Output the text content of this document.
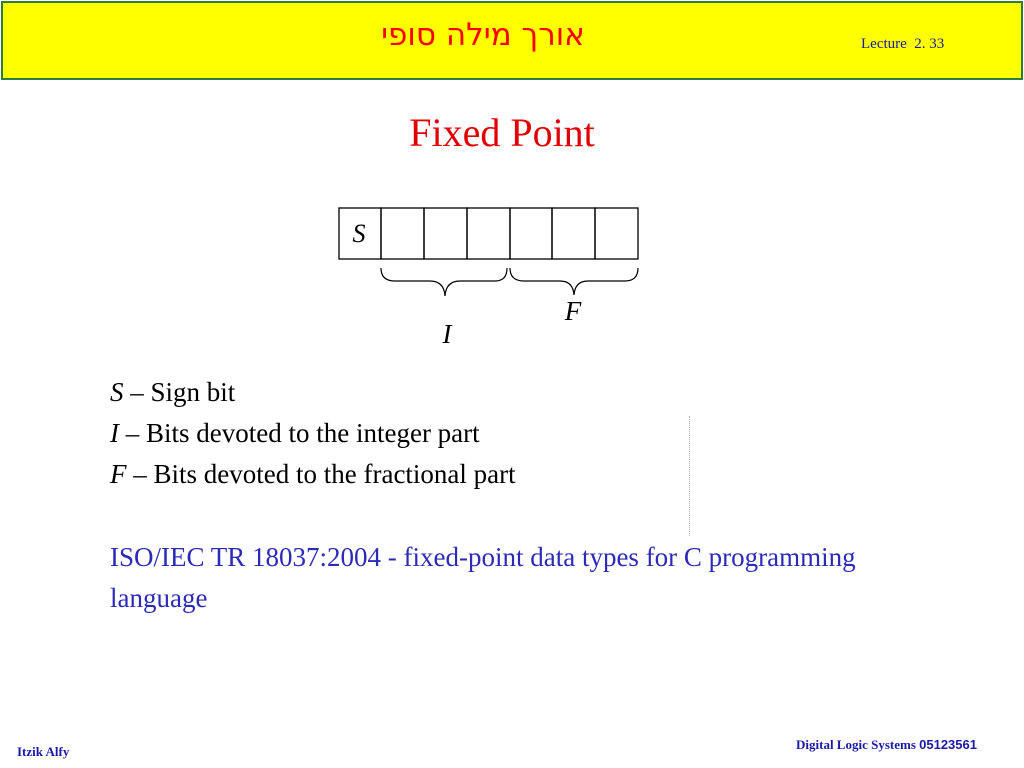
אורך מילה סופי	Lecture  2. 33
Fixed Point
S
F
I
S – Sign bit
I – Bits devoted to the integer part
F – Bits devoted to the fractional part
ISO/IEC TR 18037:2004 - fixed-point data types for C programming language
Itzik Alfy	Digital Logic Systems 05123561
